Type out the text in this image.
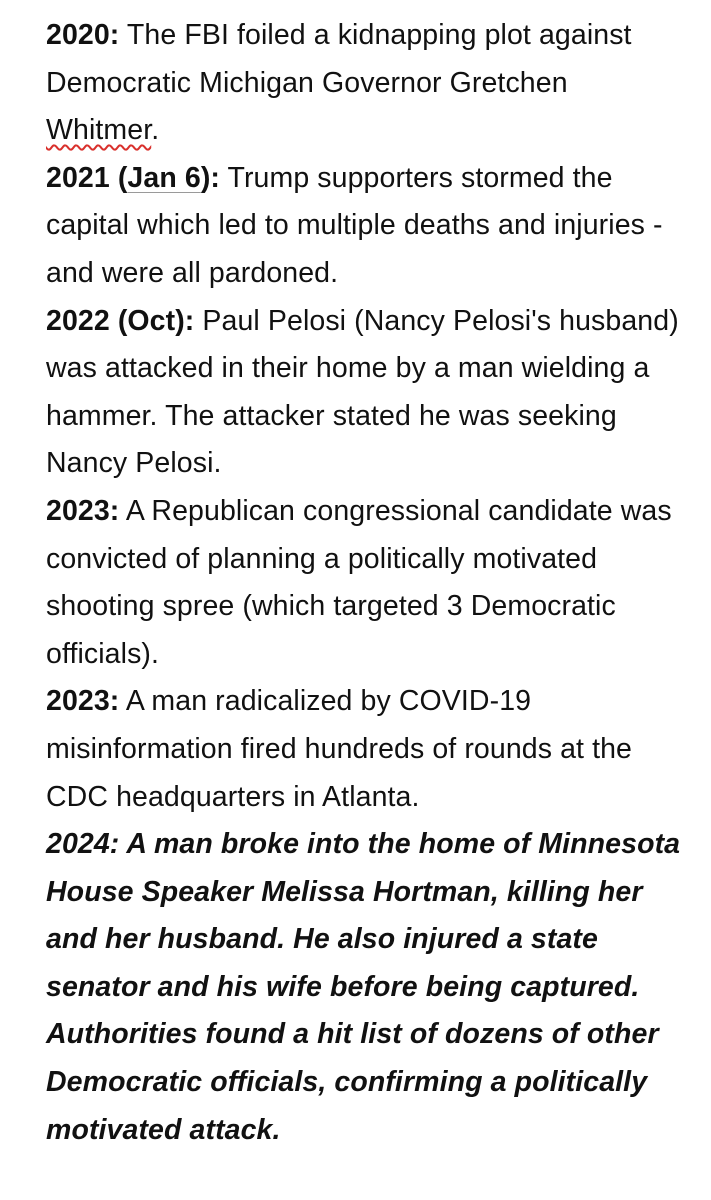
2020: The FBI foiled a kidnapping plot against Democratic Michigan Governor Gretchen Whitmer.

2021 (Jan 6): Trump supporters stormed the capital which led to multiple deaths and injuries - and were all pardoned.

2022 (Oct): Paul Pelosi (Nancy Pelosi's husband) was attacked in their home by a man wielding a hammer. The attacker stated he was seeking Nancy Pelosi.

2023: A Republican congressional candidate was convicted of planning a politically motivated shooting spree (which targeted 3 Democratic officials).

2023: A man radicalized by COVID-19 misinformation fired hundreds of rounds at the CDC headquarters in Atlanta.

2024: A man broke into the home of Minnesota House Speaker Melissa Hortman, killing her and her husband. He also injured a state senator and his wife before being captured. Authorities found a hit list of dozens of other Democratic officials, confirming a politically motivated attack.
